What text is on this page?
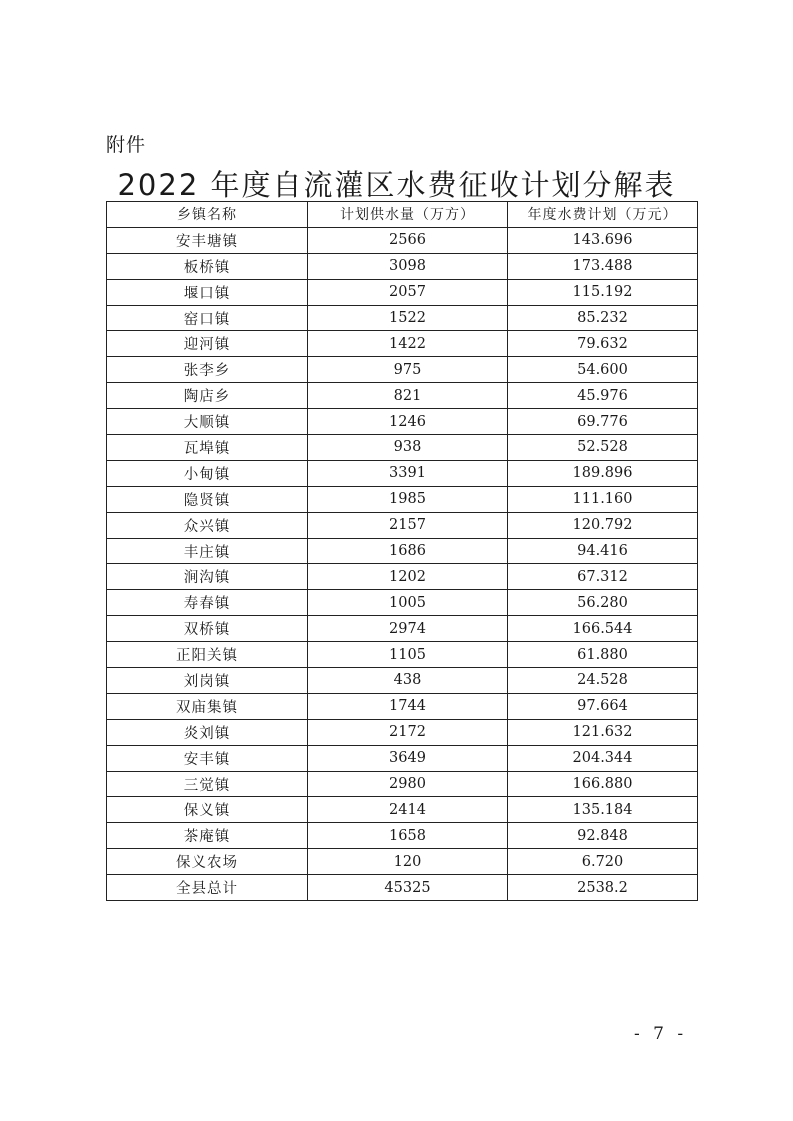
附件
2022 年度自流灌区水费征收计划分解表
乡镇名称	计划供水量（万方）	年度水费计划（万元）
安丰塘镇	2566	143.696
板桥镇	3098	173.488
堰口镇	2057	115.192
窑口镇	1522	85.232
迎河镇	1422	79.632
张李乡	975	54.600
陶店乡	821	45.976
大顺镇	1246	69.776
瓦埠镇	938	52.528
小甸镇	3391	189.896
隐贤镇	1985	111.160
众兴镇	2157	120.792
丰庄镇	1686	94.416
涧沟镇	1202	67.312
寿春镇	1005	56.280
双桥镇	2974	166.544
正阳关镇	1105	61.880
刘岗镇	438	24.528
双庙集镇	1744	97.664
炎刘镇	2172	121.632
安丰镇	3649	204.344
三觉镇	2980	166.880
保义镇	2414	135.184
茶庵镇	1658	92.848
保义农场	120	6.720
全县总计	45325	2538.2
- 7 -
